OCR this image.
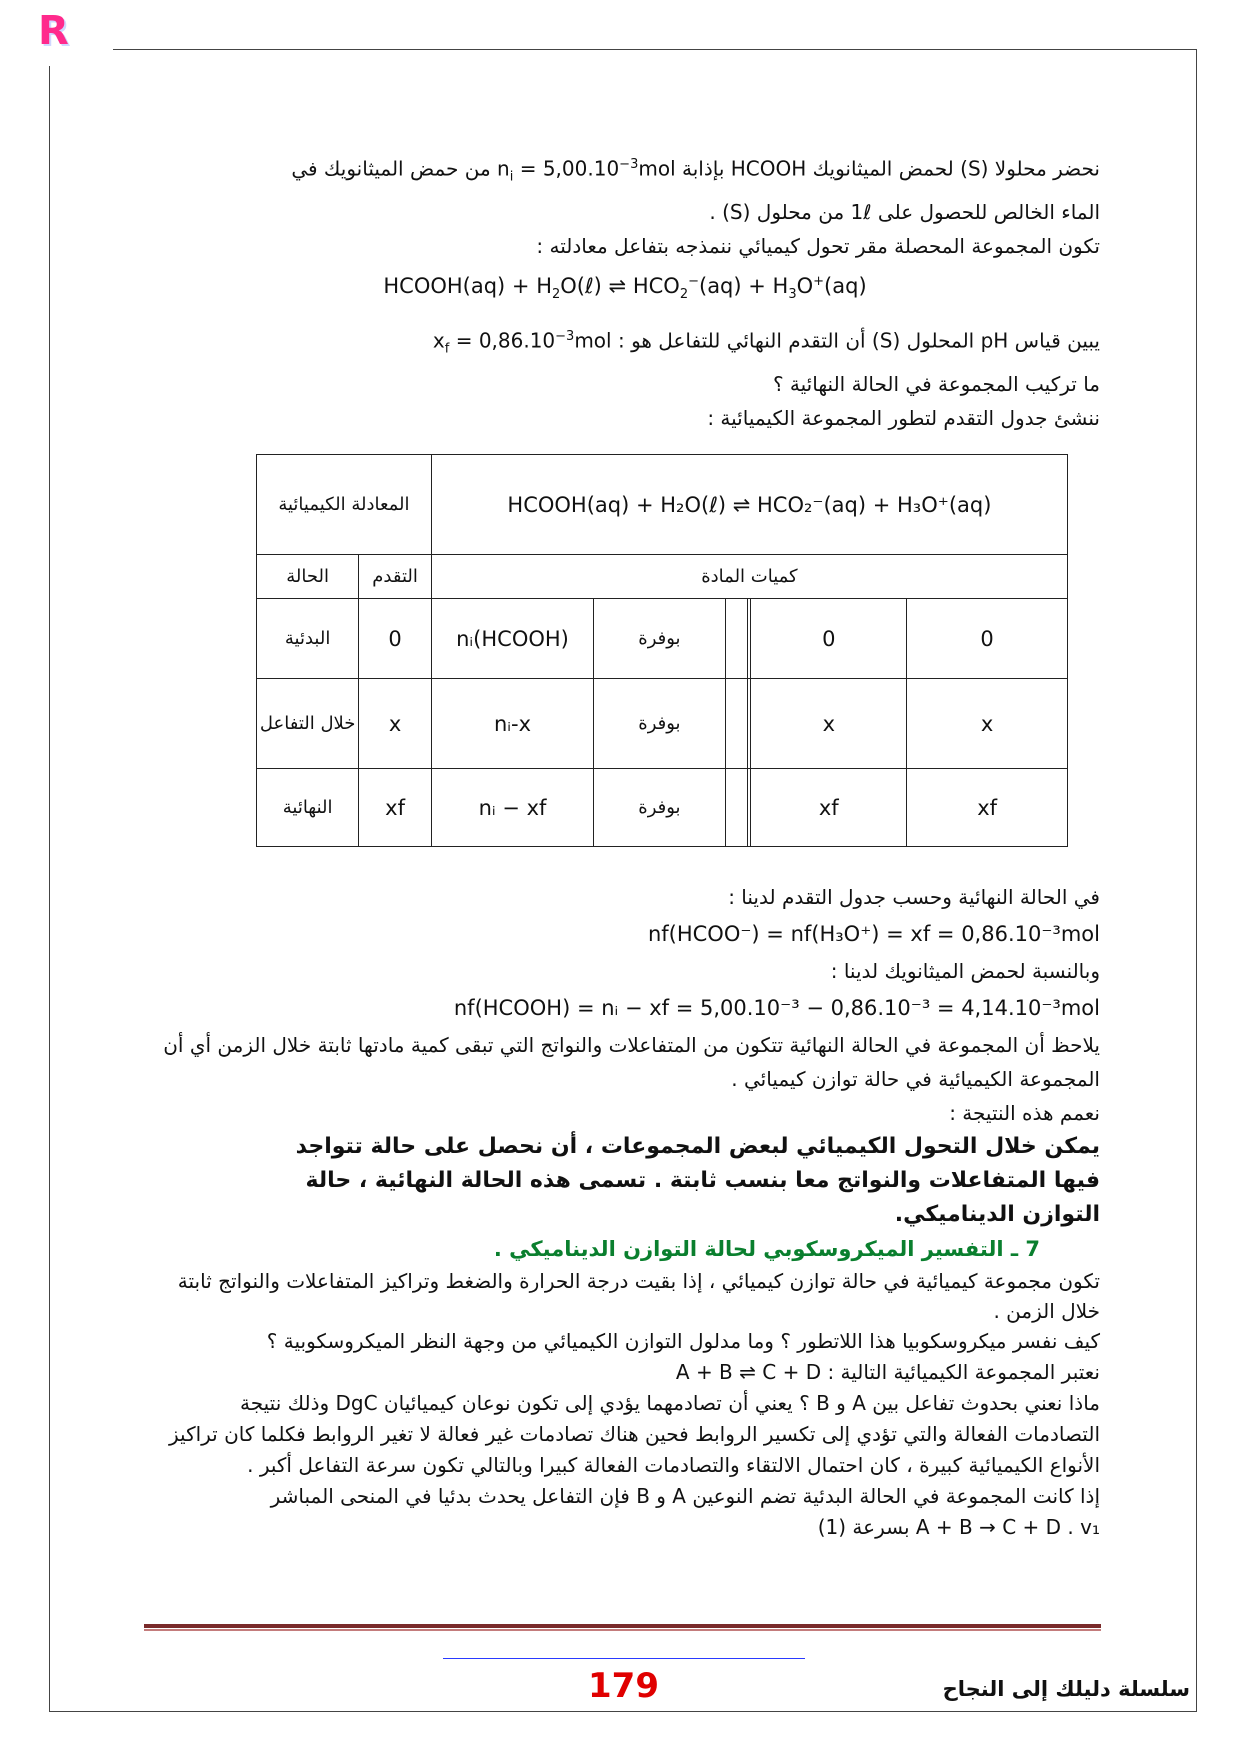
R

نحضر محلولا (S) لحمض الميثانويك HCOOH بإذابة $n_i = 5,00.10^{-3}mol$ من حمض الميثانويك في

الماء الخالص للحصول على 1ℓ من محلول (S) .

تكون المجموعة المحصلة مقر تحول كيميائي ننمذجه بتفاعل معادلته :

HCOOH(aq) + $H_2O(\ell)$ ⇌ $HCO_2^-(aq) + H_3O^+(aq)$

يبين قياس pH المحلول (S) أن التقدم النهائي للتفاعل هو : $x_f = 0,86.10^{-3}mol$

ما تركيب المجموعة في الحالة النهائية ؟

ننشئ جدول التقدم لتطور المجموعة الكيميائية :

المعادلة الكيميائية		HCOOH(aq) + H₂O(ℓ) ⇌ HCO₂⁻(aq) + H₃O⁺(aq)					
الحالة	التقدم	كميات المادة					
البدئية	0	nᵢ(HCOOH)	بوفرة			0	0
خلال التفاعل	x	nᵢ-x	بوفرة			x	x
النهائية	xf	nᵢ − xf	بوفرة			xf	xf

في الحالة النهائية وحسب جدول التقدم لدينا :

nf(HCOO⁻) = nf(H₃O⁺) = xf = 0,86.10⁻³mol

وبالنسبة لحمض الميثانويك لدينا :

nf(HCOOH) = nᵢ − xf = 5,00.10⁻³ − 0,86.10⁻³ = 4,14.10⁻³mol

يلاحظ أن المجموعة في الحالة النهائية تتكون من المتفاعلات والنواتج التي تبقى كمية مادتها ثابتة خلال الزمن أي أن المجموعة الكيميائية في حالة توازن كيميائي .

نعمم هذه النتيجة :

يمكن خلال التحول الكيميائي لبعض المجموعات ، أن نحصل على حالة تتواجد فيها المتفاعلات والنواتج معا بنسب ثابتة . تسمى هذه الحالة النهائية ، حالة التوازن الديناميكي.

7 ـ التفسير الميكروسكوبي لحالة التوازن الديناميكي .

تكون مجموعة كيميائية في حالة توازن كيميائي ، إذا بقيت درجة الحرارة والضغط وتراكيز المتفاعلات والنواتج ثابتة خلال الزمن .

كيف نفسر ميكروسكوبيا هذا اللاتطور ؟ وما مدلول التوازن الكيميائي من وجهة النظر الميكروسكوبية ؟

نعتبر المجموعة الكيميائية التالية : A + B ⇌ C + D

ماذا نعني بحدوث تفاعل بين A و B ؟ يعني أن تصادمهما يؤدي إلى تكون نوعان كيميائيان DgC وذلك نتيجة التصادمات الفعالة والتي تؤدي إلى تكسير الروابط فحين هناك تصادمات غير فعالة لا تغير الروابط فكلما كان تراكيز الأنواع الكيميائية كبيرة ، كان احتمال الالتقاء والتصادمات الفعالة كبيرا وبالتالي تكون سرعة التفاعل أكبر .

إذا كانت المجموعة في الحالة البدئية تضم النوعين A و B فإن التفاعل يحدث بدئيا في المنحى المباشر

A + B → C + D . v₁ بسرعة (1)

179	سلسلة دليلك إلى النجاح
